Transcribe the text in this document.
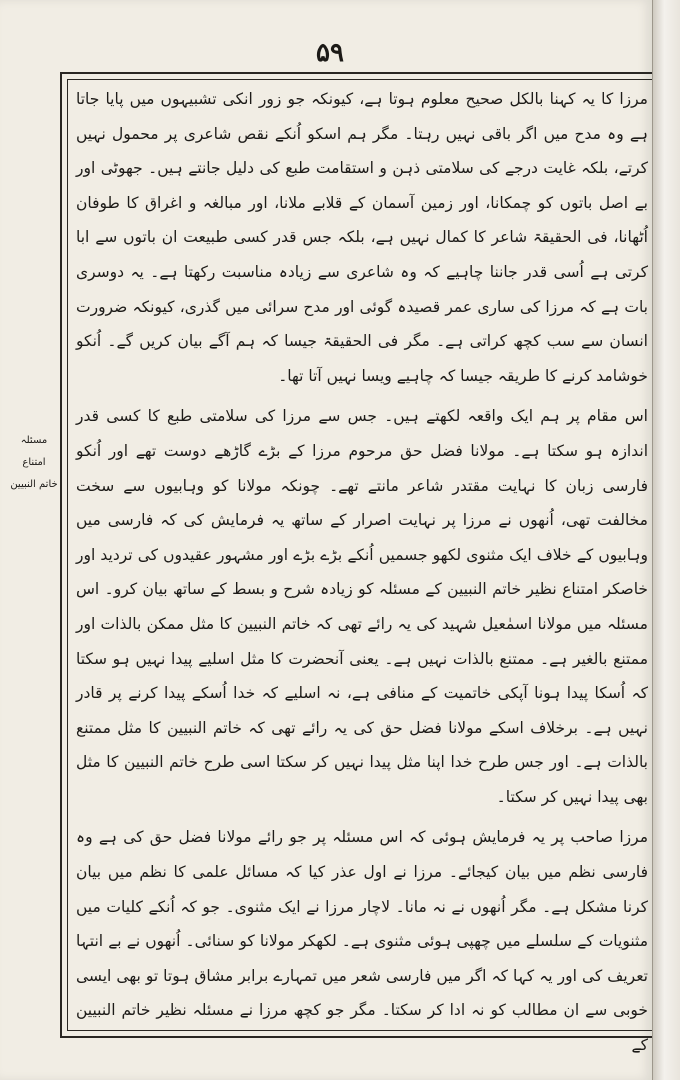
۵۹
مسئلہ
امتناع
خاتم النبیین

مرزا کا یہ کہنا بالکل صحیح معلوم ہوتا ہے، کیونکہ جو زور انکی تشبیہوں میں پایا جاتا ہے وہ مدح میں اگر باقی نہیں رہتا۔ مگر ہم اسکو اُنکے نقص شاعری پر محمول نہیں کرتے، بلکہ غایت درجے کی سلامتی ذہن و استقامت طبع کی دلیل جانتے ہیں۔ جھوٹی اور بے اصل باتوں کو چمکانا، اور زمین آسمان کے قلابے ملانا، اور مبالغہ و اغراق کا طوفان اُٹھانا، فی الحقیقۃ شاعر کا کمال نہیں ہے، بلکہ جس قدر کسی طبیعت ان باتوں سے ابا کرتی ہے اُسی قدر جاننا چاہیے کہ وہ شاعری سے زیادہ مناسبت رکھتا ہے۔ یہ دوسری بات ہے کہ مرزا کی ساری عمر قصیدہ گوئی اور مدح سرائی میں گذری، کیونکہ ضرورت انسان سے سب کچھ کراتی ہے۔ مگر فی الحقیقۃ جیسا کہ ہم آگے بیان کریں گے۔ اُنکو خوشامد کرنے کا طریقہ جیسا کہ چاہیے ویسا نہیں آتا تھا۔

اس مقام پر ہم ایک واقعہ لکھتے ہیں۔ جس سے مرزا کی سلامتی طبع کا کسی قدر اندازہ ہو سکتا ہے۔ مولانا فضل حق مرحوم مرزا کے بڑے گاڑھے دوست تھے اور اُنکو فارسی زبان کا نہایت مقتدر شاعر مانتے تھے۔ چونکہ مولانا کو وہابیوں سے سخت مخالفت تھی، اُنھوں نے مرزا پر نہایت اصرار کے ساتھ یہ فرمایش کی کہ فارسی میں وہابیوں کے خلاف ایک مثنوی لکھو جسمیں اُنکے بڑے بڑے اور مشہور عقیدوں کی تردید اور خاصکر امتناع نظیر خاتم النبیین کے مسئلہ کو زیادہ شرح و بسط کے ساتھ بیان کرو۔ اس مسئلہ میں مولانا اسمٰعیل شہید کی یہ رائے تھی کہ خاتم النبیین کا مثل ممکن بالذات اور ممتنع بالغیر ہے۔ ممتنع بالذات نہیں ہے۔ یعنی آنحضرت کا مثل اسلیے پیدا نہیں ہو سکتا کہ اُسکا پیدا ہونا آپکی خاتمیت کے منافی ہے، نہ اسلیے کہ خدا اُسکے پیدا کرنے پر قادر نہیں ہے۔ برخلاف اسکے مولانا فضل حق کی یہ رائے تھی کہ خاتم النبیین کا مثل ممتنع بالذات ہے۔ اور جس طرح خدا اپنا مثل پیدا نہیں کر سکتا اسی طرح خاتم النبیین کا مثل بھی پیدا نہیں کر سکتا۔

مرزا صاحب پر یہ فرمایش ہوئی کہ اس مسئلہ پر جو رائے مولانا فضل حق کی ہے وہ فارسی نظم میں بیان کیجائے۔ مرزا نے اول عذر کیا کہ مسائل علمی کا نظم میں بیان کرنا مشکل ہے۔ مگر اُنھوں نے نہ مانا۔ لاچار مرزا نے ایک مثنوی۔ جو کہ اُنکے کلیات میں مثنویات کے سلسلے میں چھپی ہوئی مثنوی ہے۔ لکھکر مولانا کو سنائی۔ اُنھوں نے بے انتہا تعریف کی اور یہ کہا کہ اگر میں فارسی شعر میں تمہارے برابر مشاق ہوتا تو بھی ایسی خوبی سے ان مطالب کو نہ ادا کر سکتا۔ مگر جو کچھ مرزا نے مسئلہ نظیر خاتم النبیین کے
